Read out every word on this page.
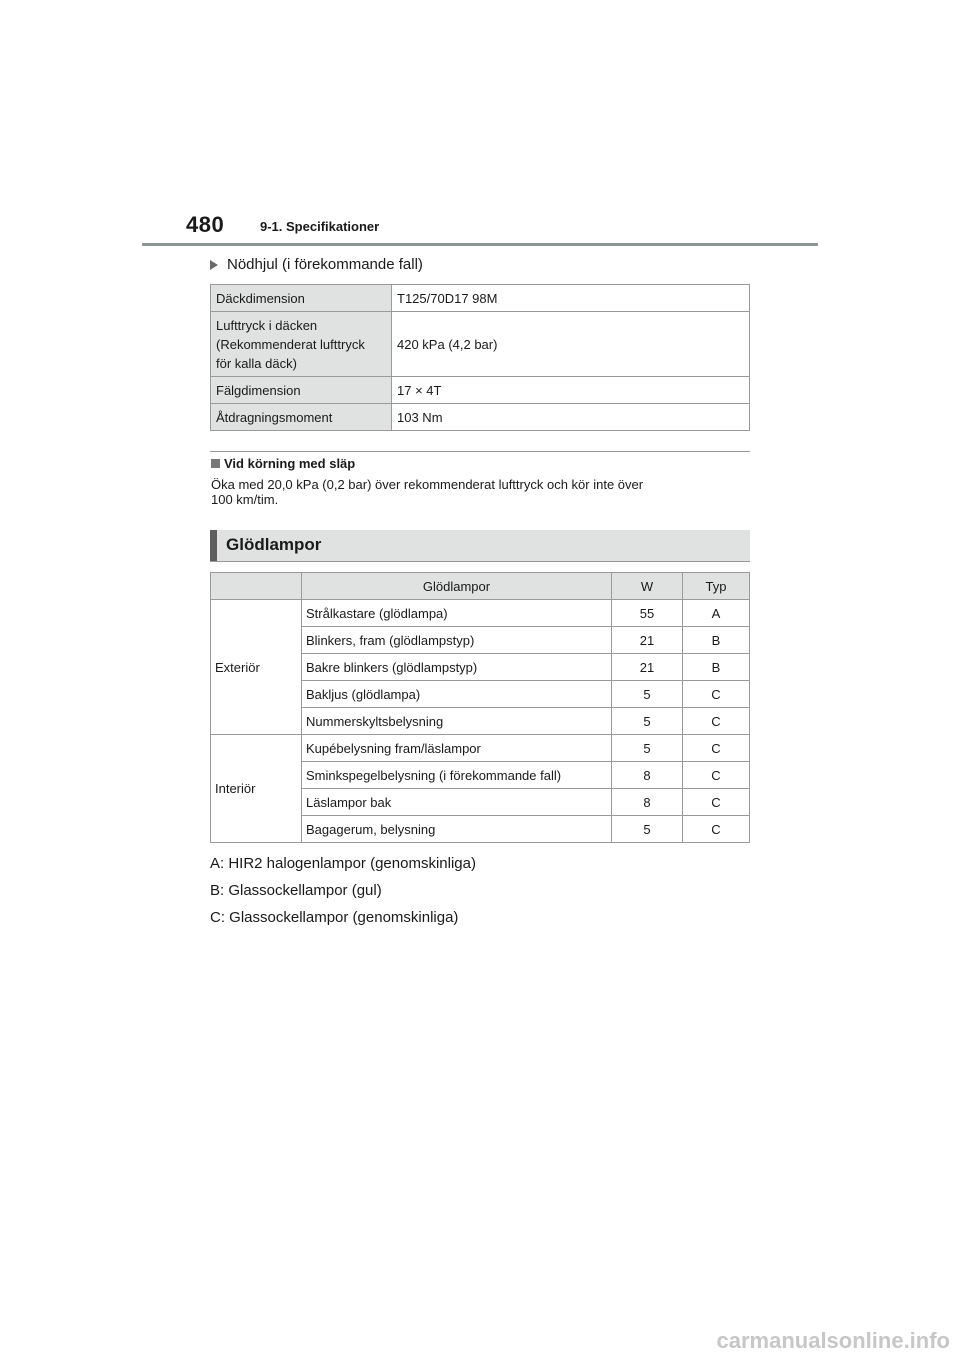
480	9-1. Specifikationer
Nödhjul (i förekommande fall)
Däckdimension	T125/70D17 98M

Lufttryck i däcken
(Rekommenderat lufttryck
för kalla däck)	420 kPa (4,2 bar)
Fälgdimension	17 × 4T
Åtdragningsmoment	103 Nm
Vid körning med släp
Öka med 20,0 kPa (0,2 bar) över rekommenderat lufttryck och kör inte över
100 km/tim.
Glödlampor
	Glödlampor	W	Typ
Exteriör	Strålkastare (glödlampa)	55	A
	Blinkers, fram (glödlampstyp)	21	B
	Bakre blinkers (glödlampstyp)	21	B
	Bakljus (glödlampa)	5	C
	Nummerskyltsbelysning	5	C
Interiör	Kupébelysning fram/läslampor	5	C
	Sminkspegelbelysning (i förekommande fall)	8	C
	Läslampor bak	8	C
	Bagagerum, belysning	5	C
A: HIR2 halogenlampor (genomskinliga)
B: Glassockellampor (gul)
C: Glassockellampor (genomskinliga)
carmanualsonline.info
